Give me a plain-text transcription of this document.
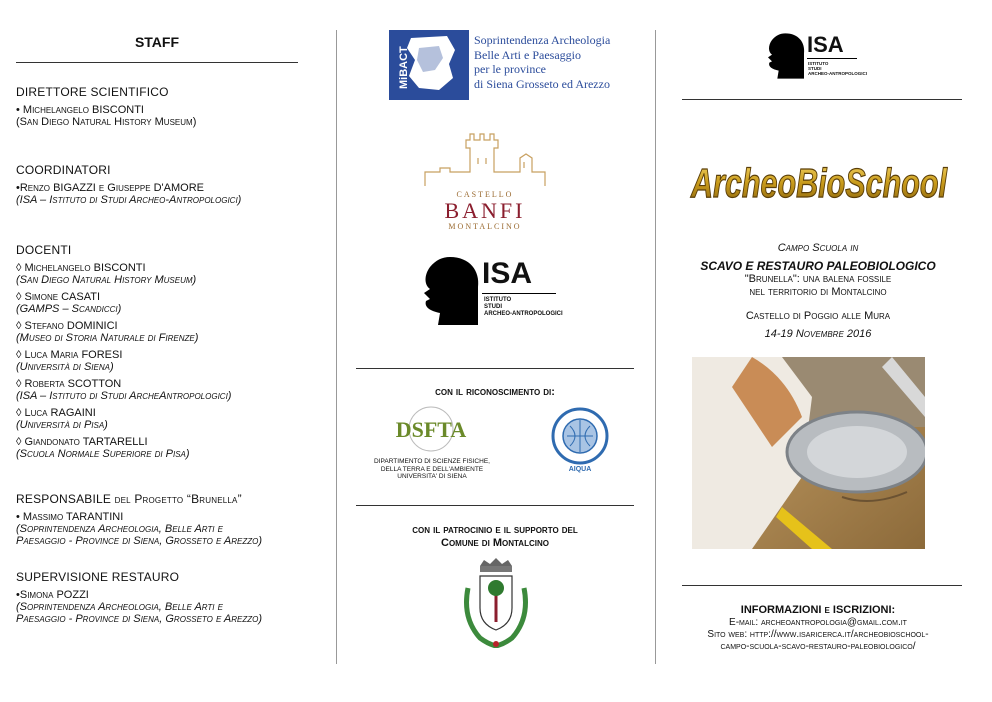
STAFF
DIRETTORE SCIENTIFICO
• Michelangelo BISCONTI
(San Diego Natural History Museum)
COORDINATORI
•Renzo BIGAZZI e Giuseppe D'AMORE
(ISA – Istituto di Studi Archeo-Antropologici)
DOCENTI
◊ Michelangelo BISCONTI
(San Diego Natural History Museum)
◊ Simone CASATI
(GAMPS – Scandicci)
◊ Stefano DOMINICI
(Museo di Storia Naturale di Firenze)
◊ Luca Maria FORESI
(Università di Siena)
◊ Roberta SCOTTON
(ISA – Istituto di Studi ArcheAntropologici)
◊ Luca RAGAINI
(Università di Pisa)
◊ Giandonato TARTARELLI
(Scuola Normale Superiore di Pisa)
RESPONSABILE del Progetto “Brunella”
• Massimo TARANTINI
(Soprintendenza Archeologia, Belle Arti e
Paesaggio - Province di Siena, Grosseto e Arezzo)
SUPERVISIONE RESTAURO
•Simona POZZI
(Soprintendenza Archeologia, Belle Arti e
Paesaggio - Province di Siena, Grosseto e Arezzo)
MiBACT
Soprintendenza Archeologia
Belle Arti e Paesaggio
per le province
di Siena Grosseto ed Arezzo
CASTELLO
BANFI
MONTALCINO
ISA
ISTITUTO
STUDI
ARCHEO-ANTROPOLOGICI
con il riconoscimento di:
DSFTA
DIPARTIMENTO DI SCIENZE FISICHE,
DELLA TERRA E DELL'AMBIENTE
UNIVERSITA' DI SIENA
AIQUA
con il patrocinio e il supporto del
Comune di Montalcino
ISA
ISTITUTO
STUDI
ARCHEO-ANTROPOLOGICI
ArcheoBioSchool
Campo Scuola in
SCAVO E RESTAURO PALEOBIOLOGICO
"Brunella": una balena fossile
nel territorio di Montalcino
Castello di Poggio alle Mura
14-19 Novembre 2016
INFORMAZIONI e ISCRIZIONI:
E-mail: archeoantropologia@gmail.com.it
Sito web: http://www.isaricerca.it/archeobioschool-
campo-scuola-scavo-restauro-paleobiologico/
